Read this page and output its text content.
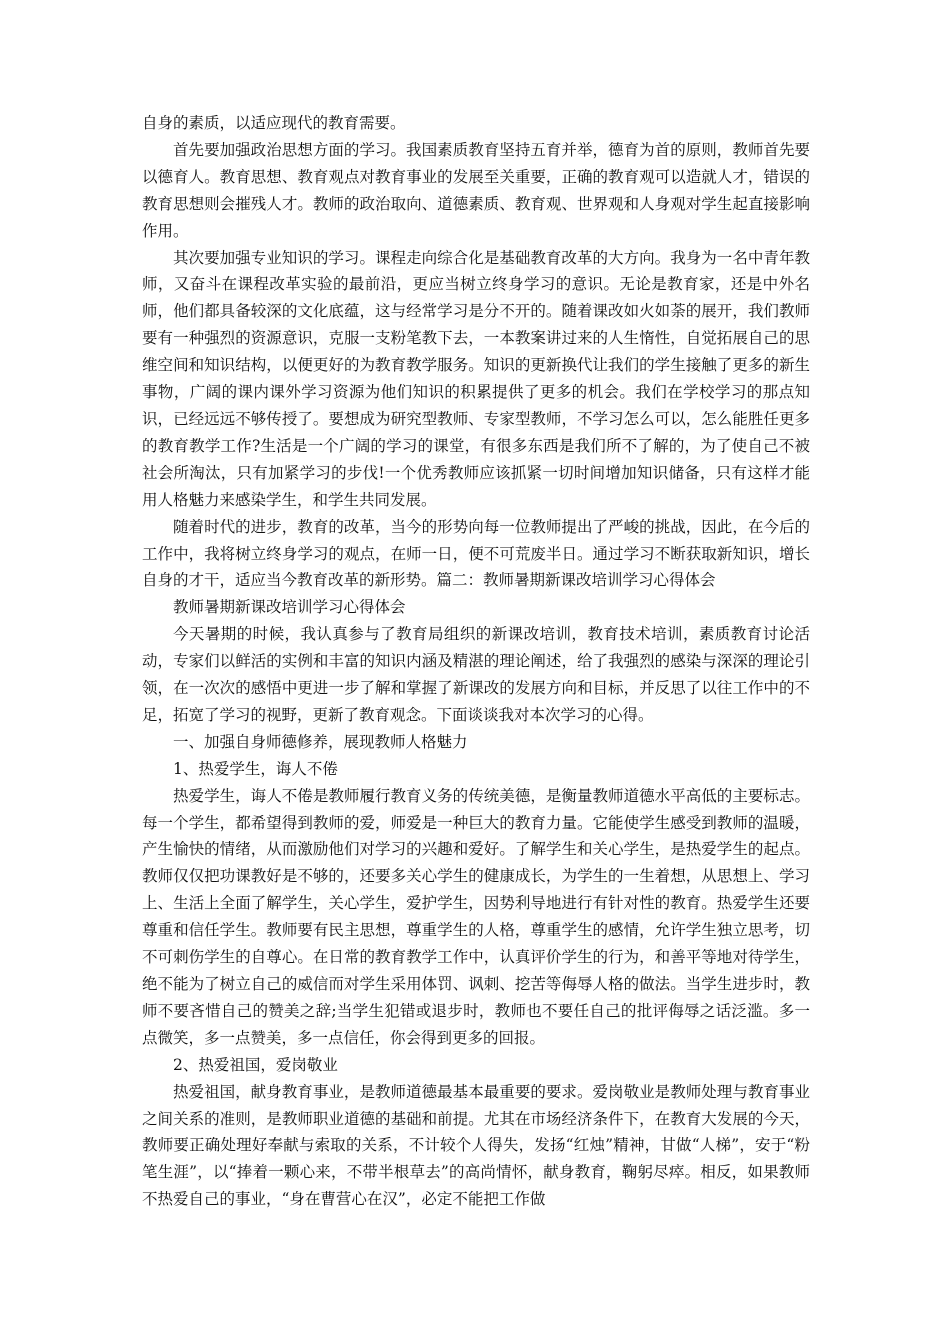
自身的素质，以适应现代的教育需要。

首先要加强政治思想方面的学习。我国素质教育坚持五育并举，德育为首的原则，教师首先要以德育人。教育思想、教育观点对教育事业的发展至关重要，正确的教育观可以造就人才，错误的教育思想则会摧残人才。教师的政治取向、道德素质、教育观、世界观和人身观对学生起直接影响作用。

其次要加强专业知识的学习。课程走向综合化是基础教育改革的大方向。我身为一名中青年教师，又奋斗在课程改革实验的最前沿，更应当树立终身学习的意识。无论是教育家，还是中外名师，他们都具备较深的文化底蕴，这与经常学习是分不开的。随着课改如火如荼的展开，我们教师要有一种强烈的资源意识，克服一支粉笔教下去，一本教案讲过来的人生惰性，自觉拓展自己的思维空间和知识结构，以便更好的为教育教学服务。知识的更新换代让我们的学生接触了更多的新生事物，广阔的课内课外学习资源为他们知识的积累提供了更多的机会。我们在学校学习的那点知识，已经远远不够传授了。要想成为研究型教师、专家型教师，不学习怎么可以，怎么能胜任更多的教育教学工作?生活是一个广阔的学习的课堂，有很多东西是我们所不了解的，为了使自己不被社会所淘汰，只有加紧学习的步伐!一个优秀教师应该抓紧一切时间增加知识储备，只有这样才能用人格魅力来感染学生，和学生共同发展。

随着时代的进步，教育的改革，当今的形势向每一位教师提出了严峻的挑战，因此，在今后的工作中，我将树立终身学习的观点，在师一日，便不可荒废半日。通过学习不断获取新知识，增长自身的才干，适应当今教育改革的新形势。篇二：教师暑期新课改培训学习心得体会

教师暑期新课改培训学习心得体会

今天暑期的时候，我认真参与了教育局组织的新课改培训，教育技术培训，素质教育讨论活动，专家们以鲜活的实例和丰富的知识内涵及精湛的理论阐述，给了我强烈的感染与深深的理论引领，在一次次的感悟中更进一步了解和掌握了新课改的发展方向和目标，并反思了以往工作中的不足，拓宽了学习的视野，更新了教育观念。下面谈谈我对本次学习的心得。

一、加强自身师德修养，展现教师人格魅力

1、热爱学生，诲人不倦

热爱学生，诲人不倦是教师履行教育义务的传统美德，是衡量教师道德水平高低的主要标志。每一个学生，都希望得到教师的爱，师爱是一种巨大的教育力量。它能使学生感受到教师的温暖，产生愉快的情绪，从而激励他们对学习的兴趣和爱好。了解学生和关心学生，是热爱学生的起点。教师仅仅把功课教好是不够的，还要多关心学生的健康成长，为学生的一生着想，从思想上、学习上、生活上全面了解学生，关心学生，爱护学生，因势利导地进行有针对性的教育。热爱学生还要尊重和信任学生。教师要有民主思想，尊重学生的人格，尊重学生的感情，允许学生独立思考，切不可刺伤学生的自尊心。在日常的教育教学工作中，认真评价学生的行为，和善平等地对待学生，绝不能为了树立自己的威信而对学生采用体罚、讽刺、挖苦等侮辱人格的做法。当学生进步时，教师不要吝惜自己的赞美之辞;当学生犯错或退步时，教师也不要任自己的批评侮辱之话泛滥。多一点微笑，多一点赞美，多一点信任，你会得到更多的回报。

2、热爱祖国，爱岗敬业

热爱祖国，献身教育事业，是教师道德最基本最重要的要求。爱岗敬业是教师处理与教育事业之间关系的准则，是教师职业道德的基础和前提。尤其在市场经济条件下，在教育大发展的今天，教师要正确处理好奉献与索取的关系，不计较个人得失，发扬“红烛”精神，甘做“人梯”，安于“粉笔生涯”，以“捧着一颗心来，不带半根草去”的高尚情怀，献身教育，鞠躬尽瘁。相反，如果教师不热爱自己的事业，“身在曹营心在汉”，必定不能把工作做
